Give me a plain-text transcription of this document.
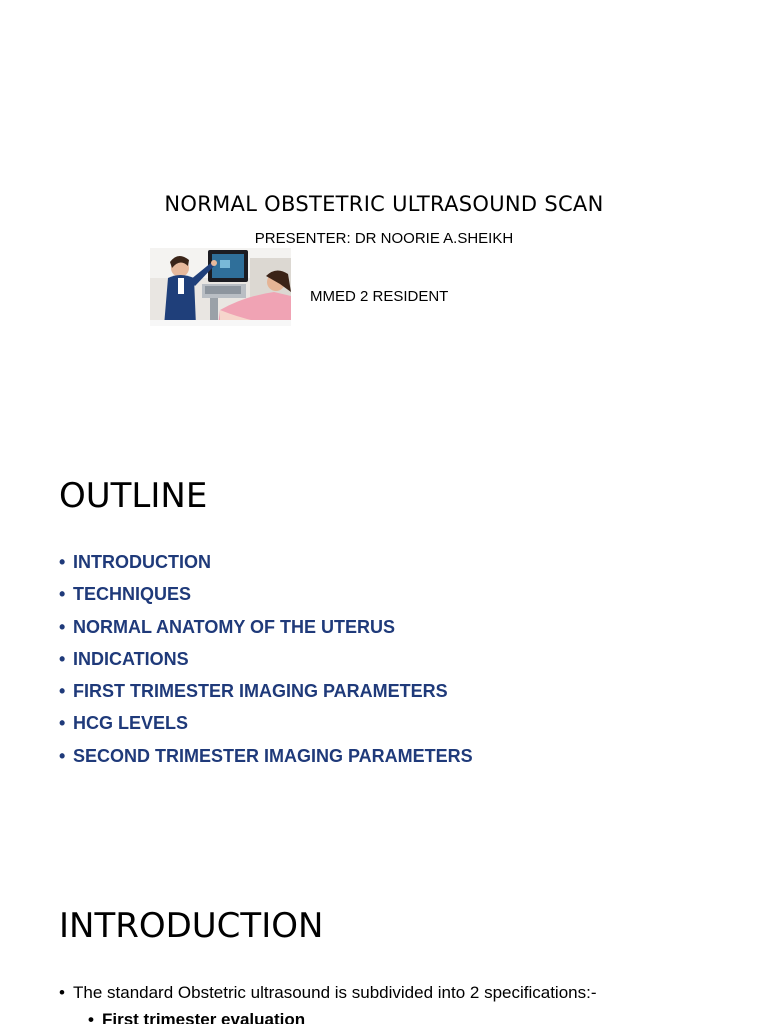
NORMAL OBSTETRIC ULTRASOUND SCAN
PRESENTER: DR NOORIE A.SHEIKH
MMED 2 RESIDENT
OUTLINE
• INTRODUCTION
• TECHNIQUES
• NORMAL ANATOMY OF THE UTERUS
• INDICATIONS
• FIRST TRIMESTER IMAGING PARAMETERS
• HCG LEVELS
• SECOND TRIMESTER IMAGING PARAMETERS
INTRODUCTION
• The standard Obstetric ultrasound is subdivided into 2 specifications:-
• First trimester evaluation
